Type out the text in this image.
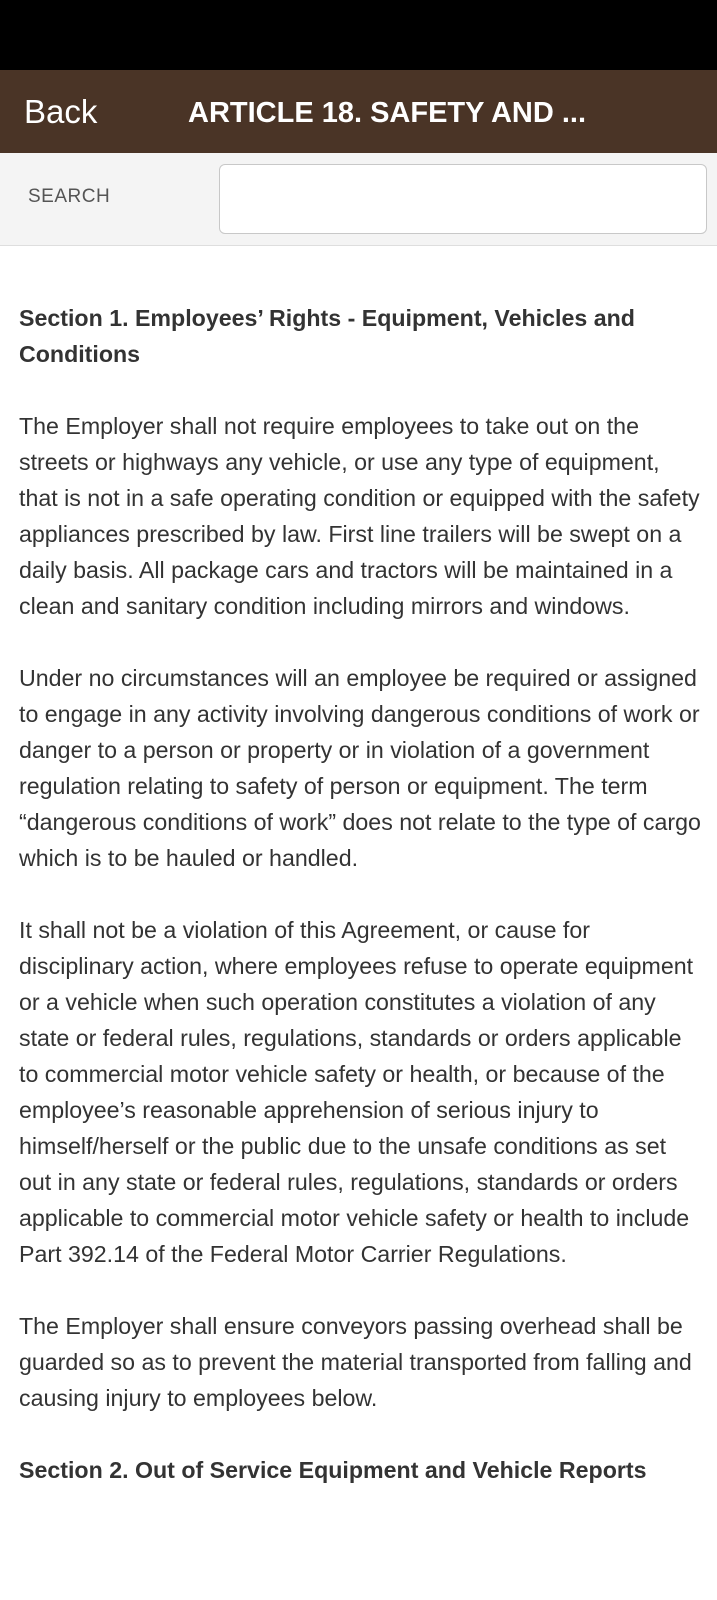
Back	ARTICLE 18. SAFETY AND ...
SEARCH
Section 1. Employees’ Rights - Equipment, Vehicles and Conditions

The Employer shall not require employees to take out on the streets or highways any vehicle, or use any type of equipment, that is not in a safe operating condition or equipped with the safety appliances prescribed by law. First line trailers will be swept on a daily basis. All package cars and tractors will be maintained in a clean and sanitary condition including mirrors and windows.

Under no circumstances will an employee be required or assigned to engage in any activity involving dangerous conditions of work or danger to a person or property or in violation of a government regulation relating to safety of person or equipment. The term “dangerous conditions of work” does not relate to the type of cargo which is to be hauled or handled.

It shall not be a violation of this Agreement, or cause for disciplinary action, where employees refuse to operate equipment or a vehicle when such operation constitutes a violation of any state or federal rules, regulations, standards or orders applicable to commercial motor vehicle safety or health, or because of the employee’s reasonable apprehension of serious injury to himself/herself or the public due to the unsafe conditions as set out in any state or federal rules, regulations, standards or orders applicable to commercial motor vehicle safety or health to include Part 392.14 of the Federal Motor Carrier Regulations.

The Employer shall ensure conveyors passing overhead shall be guarded so as to prevent the material transported from falling and causing injury to employees below.

Section 2. Out of Service Equipment and Vehicle Reports
